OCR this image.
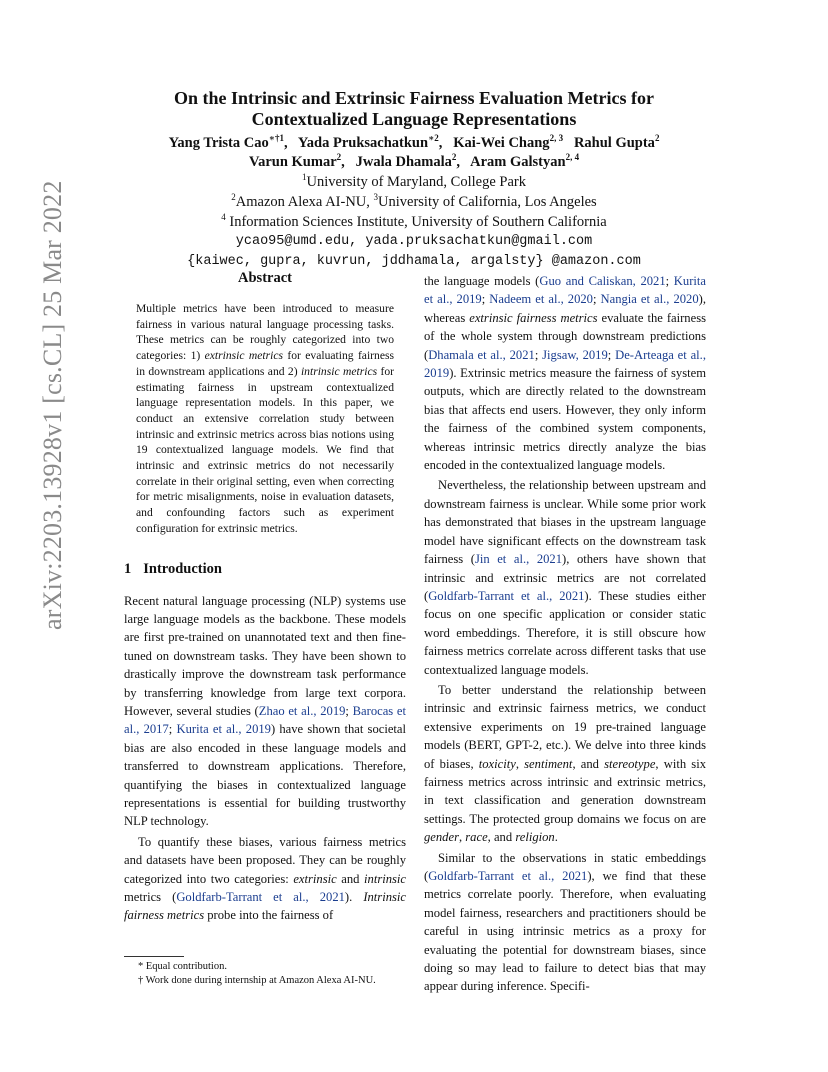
arXiv:2203.13928v1 [cs.CL] 25 Mar 2022
On the Intrinsic and Extrinsic Fairness Evaluation Metrics for
Contextualized Language Representations
Yang Trista Cao$^{∗\dagger 1}$,   Yada Pruksachatkun$^{∗2}$,   Kai-Wei Chang$^{2, 3}$   Rahul Gupta$^2$
Varun Kumar$^2$,   Jwala Dhamala$^2$,   Aram Galstyan$^{2, 4}$
$^1$University of Maryland, College Park
$^2$Amazon Alexa AI-NU, $^3$University of California, Los Angeles
$^4$ Information Sciences Institute, University of Southern California
ycao95@umd.edu, yada.pruksachatkun@gmail.com
{kaiwec, gupra, kuvrun, jddhamala, argalsty} @amazon.com
Abstract

Multiple metrics have been introduced to measure fairness in various natural language processing tasks. These metrics can be roughly categorized into two categories: 1) extrinsic metrics for evaluating fairness in downstream applications and 2) intrinsic metrics for estimating fairness in upstream contextualized language representation models. In this paper, we conduct an extensive correlation study between intrinsic and extrinsic metrics across bias notions using 19 contextualized language models. We find that intrinsic and extrinsic metrics do not necessarily correlate in their original setting, even when correcting for metric misalignments, noise in evaluation datasets, and confounding factors such as experiment configuration for extrinsic metrics.

1 Introduction

Recent natural language processing (NLP) systems use large language models as the backbone. These models are first pre-trained on unannotated text and then fine-tuned on downstream tasks. They have been shown to drastically improve the downstream task performance by transferring knowledge from large text corpora. However, several studies (Zhao et al., 2019; Barocas et al., 2017; Kurita et al., 2019) have shown that societal bias are also encoded in these language models and transferred to downstream applications. Therefore, quantifying the biases in contextualized language representations is essential for building trustworthy NLP technology.

To quantify these biases, various fairness metrics and datasets have been proposed. They can be roughly categorized into two categories: extrinsic and intrinsic metrics (Goldfarb-Tarrant et al., 2021). Intrinsic fairness metrics probe into the fairness of

* Equal contribution.
† Work done during internship at Amazon Alexa AI-NU.

the language models (Guo and Caliskan, 2021; Kurita et al., 2019; Nadeem et al., 2020; Nangia et al., 2020), whereas extrinsic fairness metrics evaluate the fairness of the whole system through downstream predictions (Dhamala et al., 2021; Jigsaw, 2019; De-Arteaga et al., 2019). Extrinsic metrics measure the fairness of system outputs, which are directly related to the downstream bias that affects end users. However, they only inform the fairness of the combined system components, whereas intrinsic metrics directly analyze the bias encoded in the contextualized language models.

Nevertheless, the relationship between upstream and downstream fairness is unclear. While some prior work has demonstrated that biases in the upstream language model have significant effects on the downstream task fairness (Jin et al., 2021), others have shown that intrinsic and extrinsic metrics are not correlated (Goldfarb-Tarrant et al., 2021). These studies either focus on one specific application or consider static word embeddings. Therefore, it is still obscure how fairness metrics correlate across different tasks that use contextualized language models.

To better understand the relationship between intrinsic and extrinsic fairness metrics, we conduct extensive experiments on 19 pre-trained language models (BERT, GPT-2, etc.). We delve into three kinds of biases, toxicity, sentiment, and stereotype, with six fairness metrics across intrinsic and extrinsic metrics, in text classification and generation downstream settings. The protected group domains we focus on are gender, race, and religion.

Similar to the observations in static embeddings (Goldfarb-Tarrant et al., 2021), we find that these metrics correlate poorly. Therefore, when evaluating model fairness, researchers and practitioners should be careful in using intrinsic metrics as a proxy for evaluating the potential for downstream biases, since doing so may lead to failure to detect bias that may appear during inference. Specifi-
